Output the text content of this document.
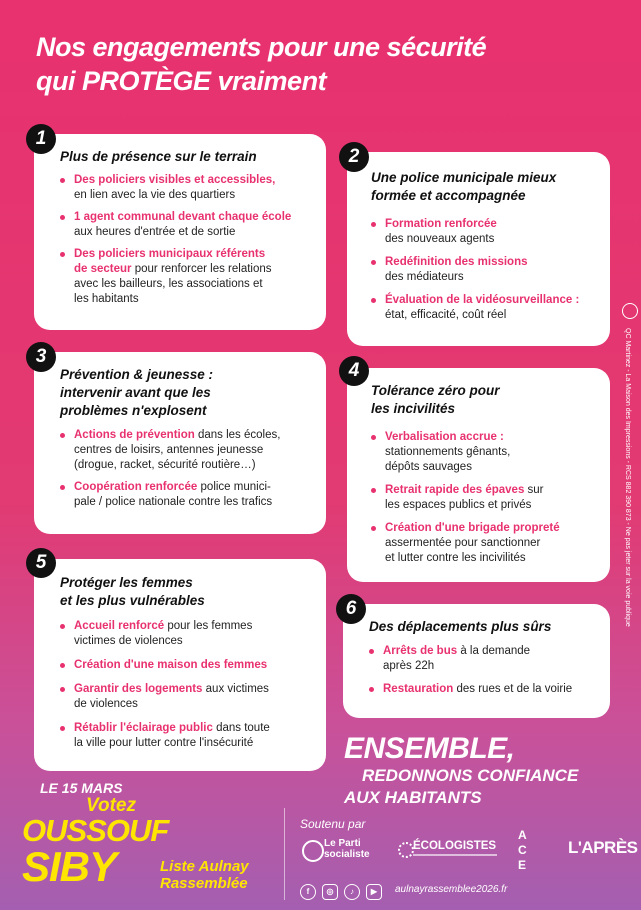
Nos engagements pour une sécurité
qui PROTÈGE vraiment
Plus de présence sur le terrain
Des policiers visibles et accessibles,
en lien avec la vie des quartiers
1 agent communal devant chaque école
aux heures d'entrée et de sortie
Des policiers municipaux référents
de secteur pour renforcer les relations
avec les bailleurs, les associations et
les habitants
1
Une police municipale mieux
formée et accompagnée
Formation renforcée
des nouveaux agents
Redéfinition des missions
des médiateurs
Évaluation de la vidéosurveillance :
état, efficacité, coût réel
2
Prévention & jeunesse :
intervenir avant que les
problèmes n'explosent
Actions de prévention dans les écoles,
centres de loisirs, antennes jeunesse
(drogue, racket, sécurité routière…)
Coopération renforcée police munici-
pale / police nationale contre les trafics
3
Tolérance zéro pour
les incivilités
Verbalisation accrue :
stationnements gênants,
dépôts sauvages
Retrait rapide des épaves sur
les espaces publics et privés
Création d'une brigade propreté
assermentée pour sanctionner
et lutter contre les incivilités
4
Protéger les femmes
et les plus vulnérables
Accueil renforcé pour les femmes
victimes de violences
Création d'une maison des femmes
Garantir des logements aux victimes
de violences
Rétablir l'éclairage public dans toute
la ville pour lutter contre l'insécurité
5
Des déplacements plus sûrs
Arrêts de bus à la demande
après 22h
Restauration des rues et de la voirie
6
ENSEMBLE,
REDONNONS CONFIANCE
AUX HABITANTS
LE 15 MARS
Votez
OUSSOUF
SIBY	Liste Aulnay
Rassemblée
Soutenu par
Le Parti
socialiste
ÉCOLOGISTES
A
C
E
L'APRÈS
f	◎	♪	▶	aulnayrassemblee2026.fr
QC Martinez - La Maison des Impressions - RCS 882 390 873 - Ne pas jeter sur la voie publique
